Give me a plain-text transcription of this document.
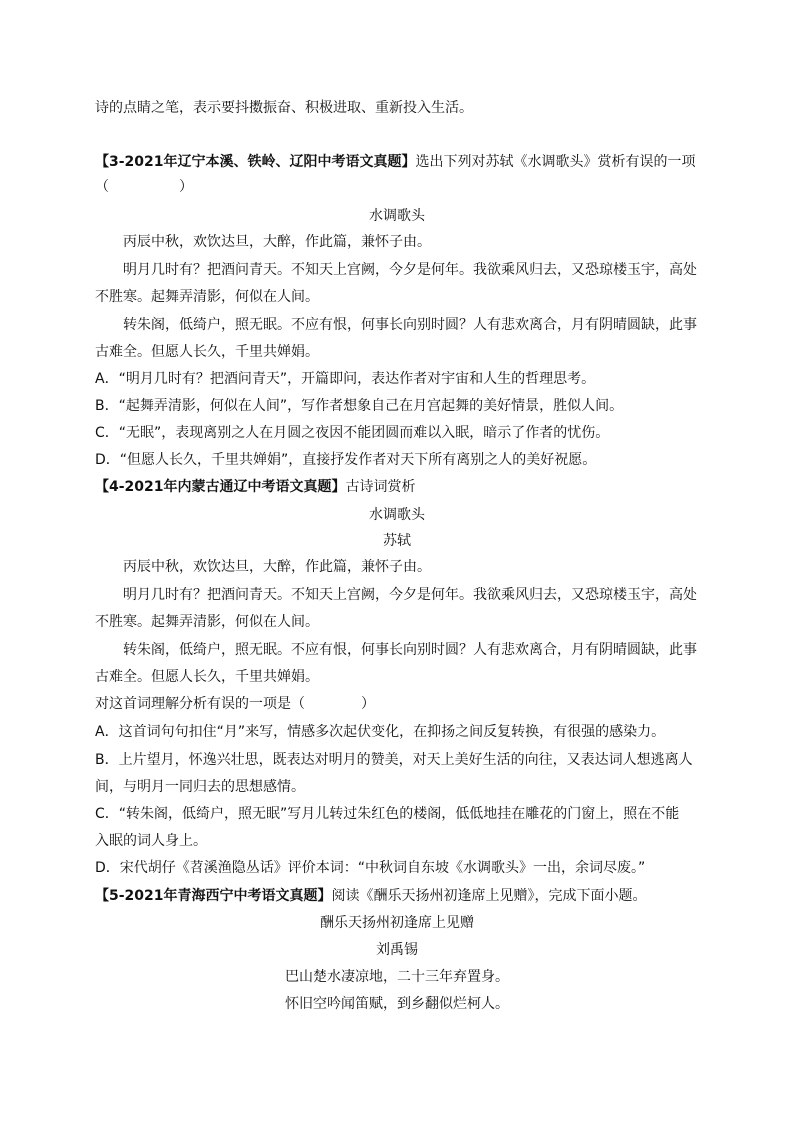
诗的点睛之笔，表示要抖擞振奋、积极进取、重新投入生活。
【3-2021年辽宁本溪、铁岭、辽阳中考语文真题】选出下列对苏轼《水调歌头》赏析有误的一项
（　　　　　）
水调歌头
丙辰中秋，欢饮达旦，大醉，作此篇，兼怀子由。
明月几时有？把酒问青天。不知天上宫阙，今夕是何年。我欲乘风归去，又恐琼楼玉宇，高处
不胜寒。起舞弄清影，何似在人间。
转朱阁，低绮户，照无眠。不应有恨，何事长向别时圆？人有悲欢离合，月有阴晴圆缺，此事
古难全。但愿人长久，千里共婵娟。
A．“明月几时有？把酒问青天”，开篇即问，表达作者对宇宙和人生的哲理思考。
B．“起舞弄清影，何似在人间”，写作者想象自己在月宫起舞的美好情景，胜似人间。
C．“无眠”，表现离别之人在月圆之夜因不能团圆而难以入眠，暗示了作者的忧伤。
D．“但愿人长久，千里共婵娟”，直接抒发作者对天下所有离别之人的美好祝愿。
【4-2021年内蒙古通辽中考语文真题】古诗词赏析
水调歌头
苏轼
丙辰中秋，欢饮达旦，大醉，作此篇，兼怀子由。
明月几时有？把酒问青天。不知天上宫阙，今夕是何年。我欲乘风归去，又恐琼楼玉宇，高处
不胜寒。起舞弄清影，何似在人间。
转朱阁，低绮户，照无眠。不应有恨，何事长向别时圆？人有悲欢离合，月有阴晴圆缺，此事
古难全。但愿人长久，千里共婵娟。
对这首词理解分析有误的一项是（　　　　）
A．这首词句句扣住“月”来写，情感多次起伏变化，在抑扬之间反复转换，有很强的感染力。
B．上片望月，怀逸兴壮思，既表达对明月的赞美，对天上美好生活的向往，又表达词人想逃离人
间，与明月一同归去的思想感情。
C．“转朱阁，低绮户，照无眠”写月儿转过朱红色的楼阁，低低地挂在雕花的门窗上，照在不能
入眠的词人身上。
D．宋代胡仔《苕溪渔隐丛话》评价本词：“中秋词自东坡《水调歌头》一出，余词尽废。”
【5-2021年青海西宁中考语文真题】阅读《酬乐天扬州初逢席上见赠》，完成下面小题。
酬乐天扬州初逢席上见赠
刘禹锡
巴山楚水凄凉地，二十三年弃置身。
怀旧空吟闻笛赋，到乡翻似烂柯人。
